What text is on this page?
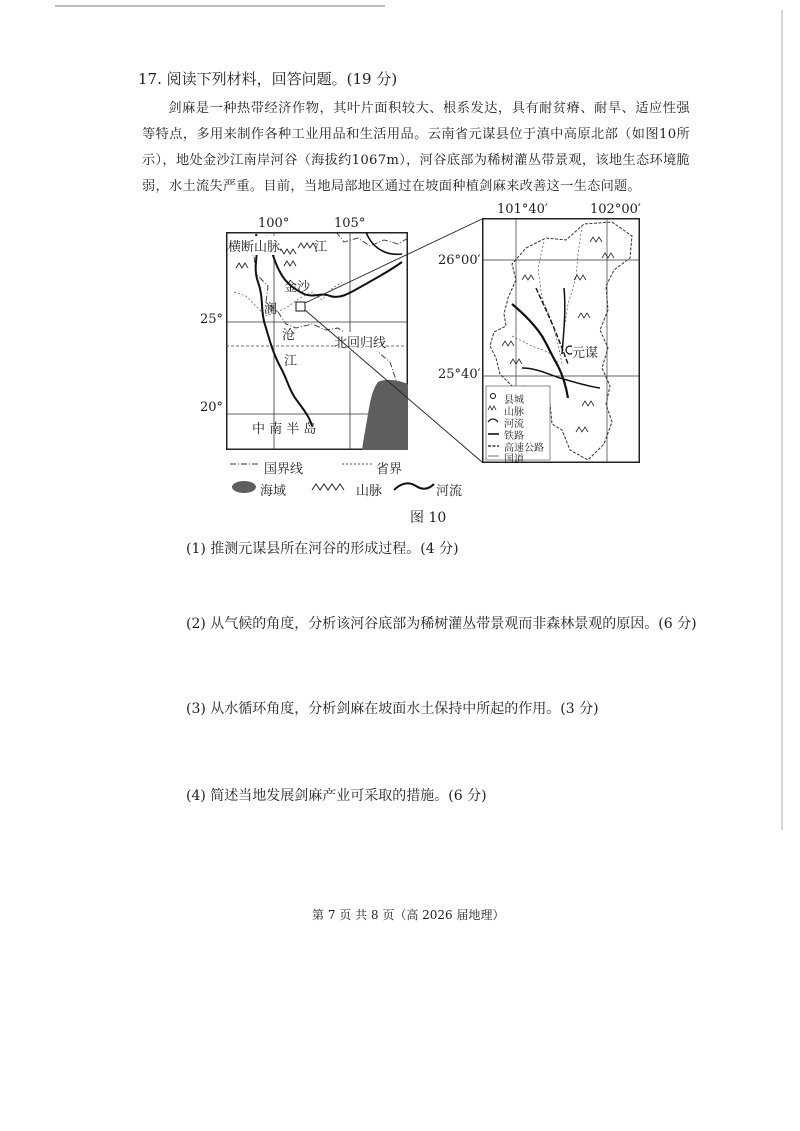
17. 阅读下列材料，回答问题。(19 分)
剑麻是一种热带经济作物，其叶片面积较大、根系发达，具有耐贫瘠、耐旱、适应性强等特点，多用来制作各种工业用品和生活用品。云南省元谋县位于滇中高原北部（如图10所示），地处金沙江南岸河谷（海拔约1067m），河谷底部为稀树灌丛带景观，该地生态环境脆弱，水土流失严重。目前，当地局部地区通过在坡面种植剑麻来改善这一生态问题。
100°	105°
25°
20°
横断山脉	江
金沙
澜
沧
江
北回归线
中 南 半 岛
国界线	省界
海域	山脉	河流
101°40′	102°00′
26°00′
25°40′
元谋
县城
山脉
河流
铁路
高速公路
国道
图 10
(1) 推测元谋县所在河谷的形成过程。(4 分)
(2) 从气候的角度，分析该河谷底部为稀树灌丛带景观而非森林景观的原因。(6 分)
(3) 从水循环角度，分析剑麻在坡面水土保持中所起的作用。(3 分)
(4) 简述当地发展剑麻产业可采取的措施。(6 分)
第 7 页 共 8 页（高 2026 届地理）
